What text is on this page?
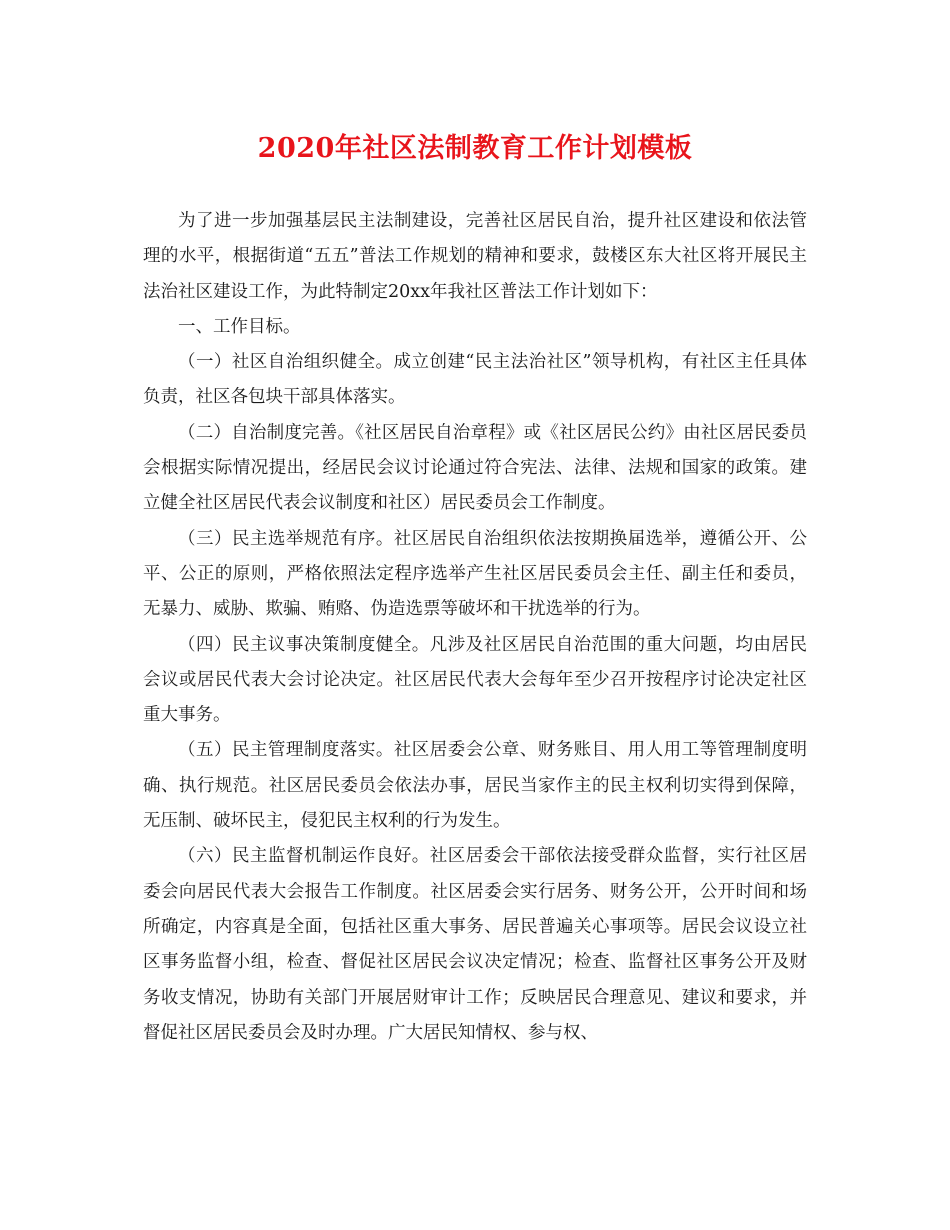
2020年社区法制教育工作计划模板

为了进一步加强基层民主法制建设，完善社区居民自治，提升社区建设和依法管理的水平，根据街道“五五”普法工作规划的精神和要求，鼓楼区东大社区将开展民主法治社区建设工作，为此特制定20xx年我社区普法工作计划如下：

一、工作目标。

（一）社区自治组织健全。成立创建“民主法治社区”领导机构，有社区主任具体负责，社区各包块干部具体落实。

（二）自治制度完善。《社区居民自治章程》或《社区居民公约》由社区居民委员会根据实际情况提出，经居民会议讨论通过符合宪法、法律、法规和国家的政策。建立健全社区居民代表会议制度和社区）居民委员会工作制度。

（三）民主选举规范有序。社区居民自治组织依法按期换届选举，遵循公开、公平、公正的原则，严格依照法定程序选举产生社区居民委员会主任、副主任和委员，无暴力、威胁、欺骗、贿赂、伪造选票等破坏和干扰选举的行为。

（四）民主议事决策制度健全。凡涉及社区居民自治范围的重大问题，均由居民会议或居民代表大会讨论决定。社区居民代表大会每年至少召开按程序讨论决定社区重大事务。

（五）民主管理制度落实。社区居委会公章、财务账目、用人用工等管理制度明确、执行规范。社区居民委员会依法办事，居民当家作主的民主权利切实得到保障，无压制、破坏民主，侵犯民主权利的行为发生。

（六）民主监督机制运作良好。社区居委会干部依法接受群众监督，实行社区居委会向居民代表大会报告工作制度。社区居委会实行居务、财务公开，公开时间和场所确定，内容真是全面，包括社区重大事务、居民普遍关心事项等。居民会议设立社区事务监督小组，检查、督促社区居民会议决定情况；检查、监督社区事务公开及财务收支情况，协助有关部门开展居财审计工作；反映居民合理意见、建议和要求，并督促社区居民委员会及时办理。广大居民知情权、参与权、
